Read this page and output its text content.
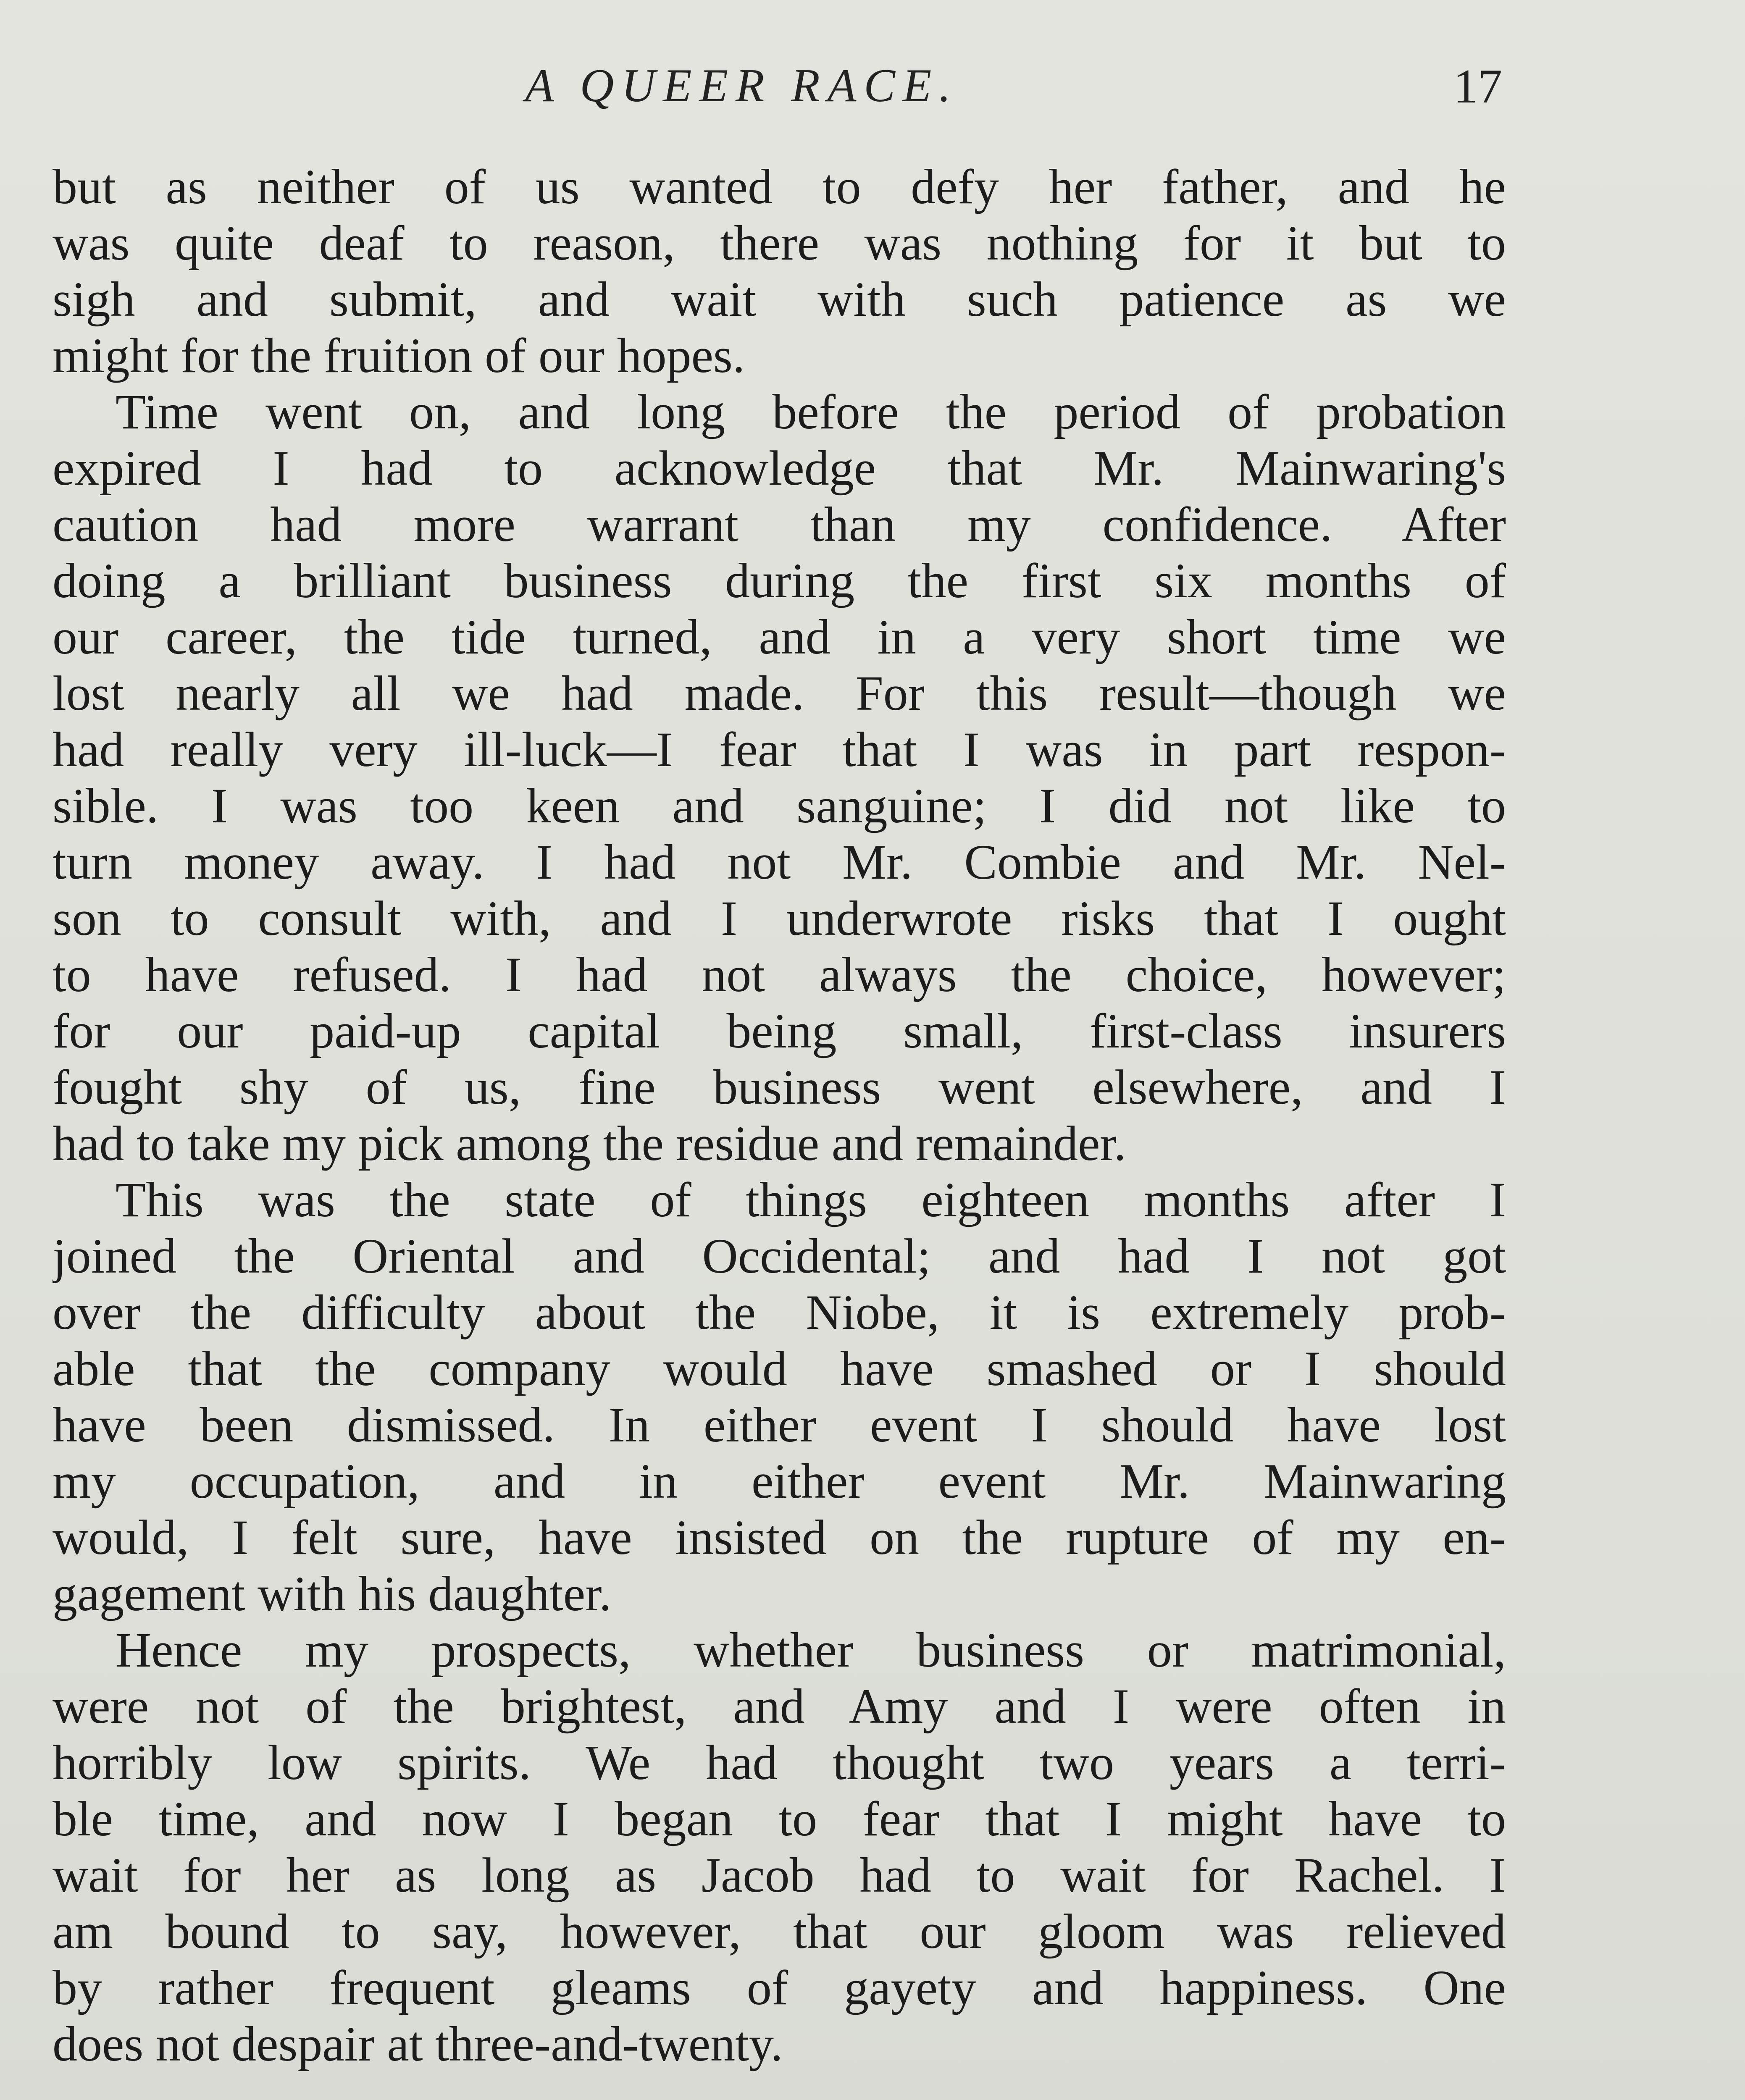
A QUEER RACE.	17
but as neither of us wanted to defy her father, and he
was quite deaf to reason, there was nothing for it but to
sigh and submit, and wait with such patience as we
might for the fruition of our hopes.
Time went on, and long before the period of probation
expired I had to acknowledge that Mr. Mainwaring's
caution had more warrant than my confidence. After
doing a brilliant business during the first six months of
our career, the tide turned, and in a very short time we
lost nearly all we had made. For this result—though we
had really very ill-luck—I fear that I was in part respon-
sible. I was too keen and sanguine; I did not like to
turn money away. I had not Mr. Combie and Mr. Nel-
son to consult with, and I underwrote risks that I ought
to have refused. I had not always the choice, however;
for our paid-up capital being small, first-class insurers
fought shy of us, fine business went elsewhere, and I
had to take my pick among the residue and remainder.
This was the state of things eighteen months after I
joined the Oriental and Occidental; and had I not got
over the difficulty about the Niobe, it is extremely prob-
able that the company would have smashed or I should
have been dismissed. In either event I should have lost
my occupation, and in either event Mr. Mainwaring
would, I felt sure, have insisted on the rupture of my en-
gagement with his daughter.
Hence my prospects, whether business or matrimonial,
were not of the brightest, and Amy and I were often in
horribly low spirits. We had thought two years a terri-
ble time, and now I began to fear that I might have to
wait for her as long as Jacob had to wait for Rachel. I
am bound to say, however, that our gloom was relieved
by rather frequent gleams of gayety and happiness. One
does not despair at three-and-twenty.
